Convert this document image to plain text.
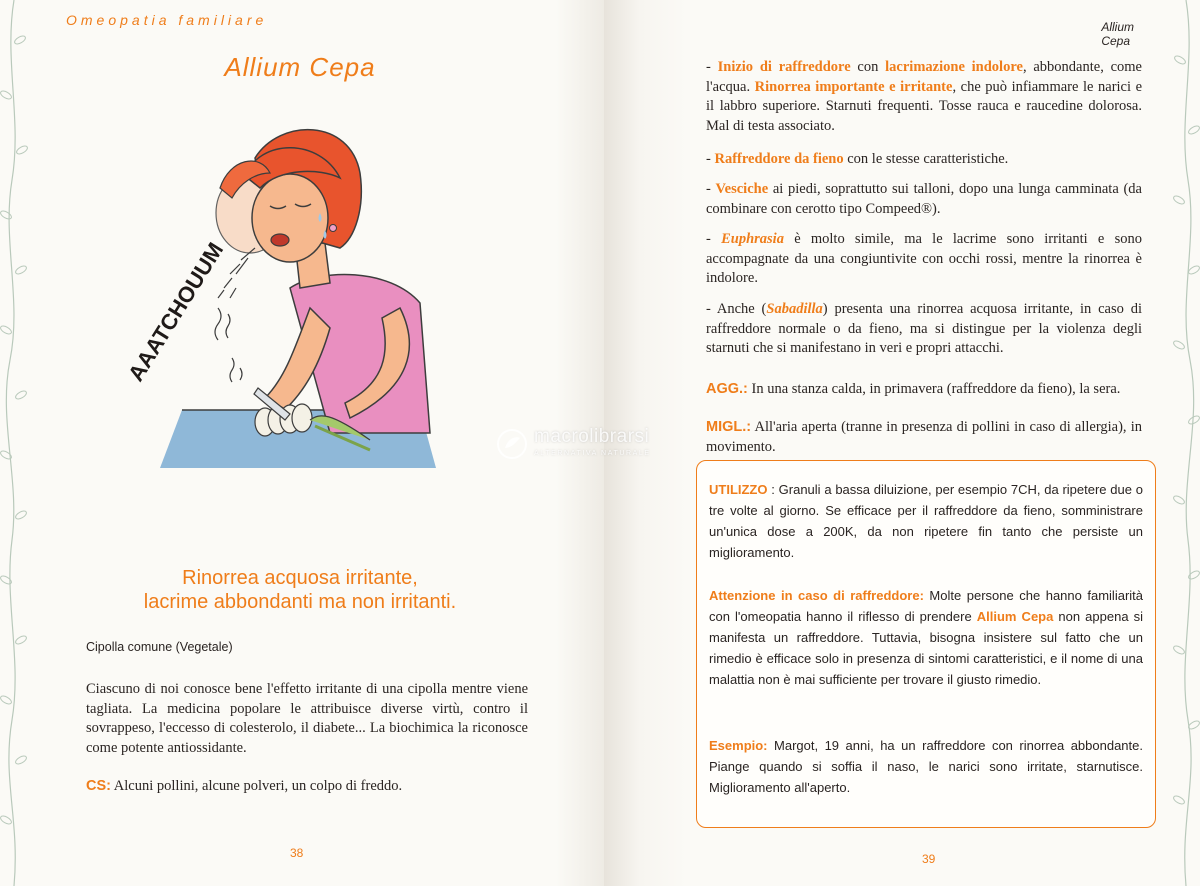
Omeopatia familiare
Allium Cepa
AAATCHOUUM
Rinorrea acquosa irritante,
lacrime abbondanti ma non irritanti.
Cipolla comune (Vegetale)
Ciascuno di noi conosce bene l'effetto irritante di una cipolla mentre viene tagliata. La medicina popolare le attribuisce diverse virtù, contro il sovrappeso, l'eccesso di colesterolo, il diabete... La biochimica la riconosce come potente antiossidante.
CS: Alcuni pollini, alcune polveri, un colpo di freddo.
38
Allium
Cepa
- Inizio di raffreddore con lacrimazione indolore, abbondante, come l'acqua. Rinorrea importante e irritante, che può infiammare le narici e il labbro superiore. Starnuti frequenti. Tosse rauca e raucedine dolorosa. Mal di testa associato.
- Raffreddore da fieno con le stesse caratteristiche.
- Vesciche ai piedi, soprattutto sui talloni, dopo una lunga camminata (da combinare con cerotto tipo Compeed®).
- Euphrasia è molto simile, ma le lacrime sono irritanti e sono accompagnate da una congiuntivite con occhi rossi, mentre la rinorrea è indolore.
- Anche (Sabadilla) presenta una rinorrea acquosa irritante, in caso di raffreddore normale o da fieno, ma si distingue per la violenza degli starnuti che si manifestano in veri e propri attacchi.
AGG.: In una stanza calda, in primavera (raffreddore da fieno), la sera.
MIGL.: All'aria aperta (tranne in presenza di pollini in caso di allergia), in movimento.

UTILIZZO : Granuli a bassa diluizione, per esempio 7CH, da ripetere due o tre volte al giorno. Se efficace per il raffreddore da fieno, somministrare un'unica dose a 200K, da non ripetere fin tanto che persiste un miglioramento.

Attenzione in caso di raffreddore: Molte persone che hanno familiarità con l'omeopatia hanno il riflesso di prendere Allium Cepa non appena si manifesta un raffreddore. Tuttavia, bisogna insistere sul fatto che un rimedio è efficace solo in presenza di sintomi caratteristici, e il nome di una malattia non è mai sufficiente per trovare il giusto rimedio.

Esempio: Margot, 19 anni, ha un raffreddore con rinorrea abbondante. Piange quando si soffia il naso, le narici sono irritate, starnutisce. Miglioramento all'aperto.

39
macrolibrarsi
ALTERNATIVA NATURALE
